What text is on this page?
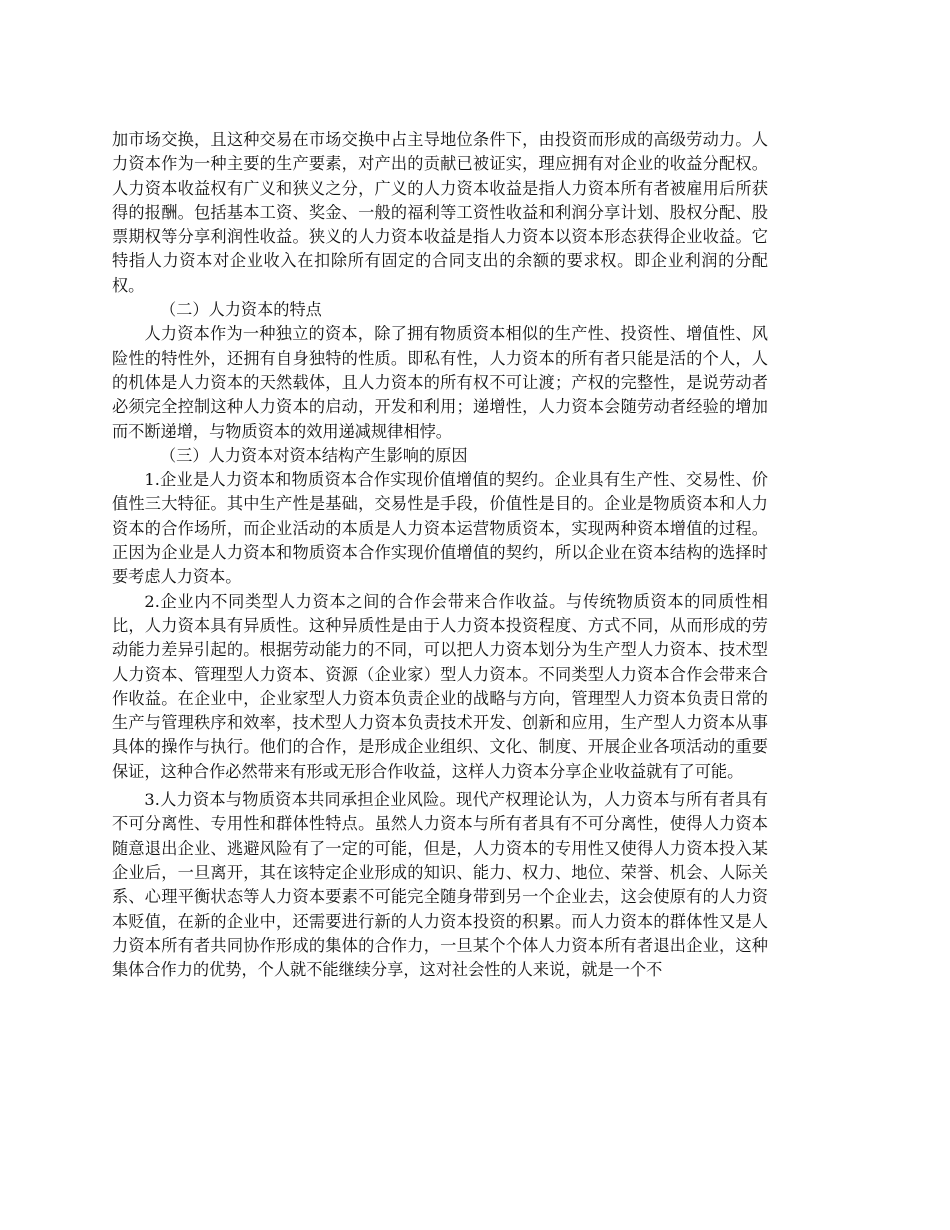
加市场交换，且这种交易在市场交换中占主导地位条件下，由投资而形成的高级劳动力。人力资本作为一种主要的生产要素，对产出的贡献已被证实，理应拥有对企业的收益分配权。人力资本收益权有广义和狭义之分，广义的人力资本收益是指人力资本所有者被雇用后所获得的报酬。包括基本工资、奖金、一般的福利等工资性收益和利润分享计划、股权分配、股票期权等分享利润性收益。狭义的人力资本收益是指人力资本以资本形态获得企业收益。它特指人力资本对企业收入在扣除所有固定的合同支出的余额的要求权。即企业利润的分配权。

（二）人力资本的特点

人力资本作为一种独立的资本，除了拥有物质资本相似的生产性、投资性、增值性、风险性的特性外，还拥有自身独特的性质。即私有性，人力资本的所有者只能是活的个人，人的机体是人力资本的天然载体，且人力资本的所有权不可让渡；产权的完整性，是说劳动者必须完全控制这种人力资本的启动，开发和利用；递增性，人力资本会随劳动者经验的增加而不断递增，与物质资本的效用递减规律相悖。

（三）人力资本对资本结构产生影响的原因

1.企业是人力资本和物质资本合作实现价值增值的契约。企业具有生产性、交易性、价值性三大特征。其中生产性是基础，交易性是手段，价值性是目的。企业是物质资本和人力资本的合作场所，而企业活动的本质是人力资本运营物质资本，实现两种资本增值的过程。正因为企业是人力资本和物质资本合作实现价值增值的契约，所以企业在资本结构的选择时要考虑人力资本。

2.企业内不同类型人力资本之间的合作会带来合作收益。与传统物质资本的同质性相比，人力资本具有异质性。这种异质性是由于人力资本投资程度、方式不同，从而形成的劳动能力差异引起的。根据劳动能力的不同，可以把人力资本划分为生产型人力资本、技术型人力资本、管理型人力资本、资源（企业家）型人力资本。不同类型人力资本合作会带来合作收益。在企业中，企业家型人力资本负责企业的战略与方向，管理型人力资本负责日常的生产与管理秩序和效率，技术型人力资本负责技术开发、创新和应用，生产型人力资本从事具体的操作与执行。他们的合作，是形成企业组织、文化、制度、开展企业各项活动的重要保证，这种合作必然带来有形或无形合作收益，这样人力资本分享企业收益就有了可能。

3.人力资本与物质资本共同承担企业风险。现代产权理论认为，人力资本与所有者具有不可分离性、专用性和群体性特点。虽然人力资本与所有者具有不可分离性，使得人力资本随意退出企业、逃避风险有了一定的可能，但是，人力资本的专用性又使得人力资本投入某企业后，一旦离开，其在该特定企业形成的知识、能力、权力、地位、荣誉、机会、人际关系、心理平衡状态等人力资本要素不可能完全随身带到另一个企业去，这会使原有的人力资本贬值，在新的企业中，还需要进行新的人力资本投资的积累。而人力资本的群体性又是人力资本所有者共同协作形成的集体的合作力，一旦某个个体人力资本所有者退出企业，这种集体合作力的优势，个人就不能继续分享，这对社会性的人来说，就是一个不
